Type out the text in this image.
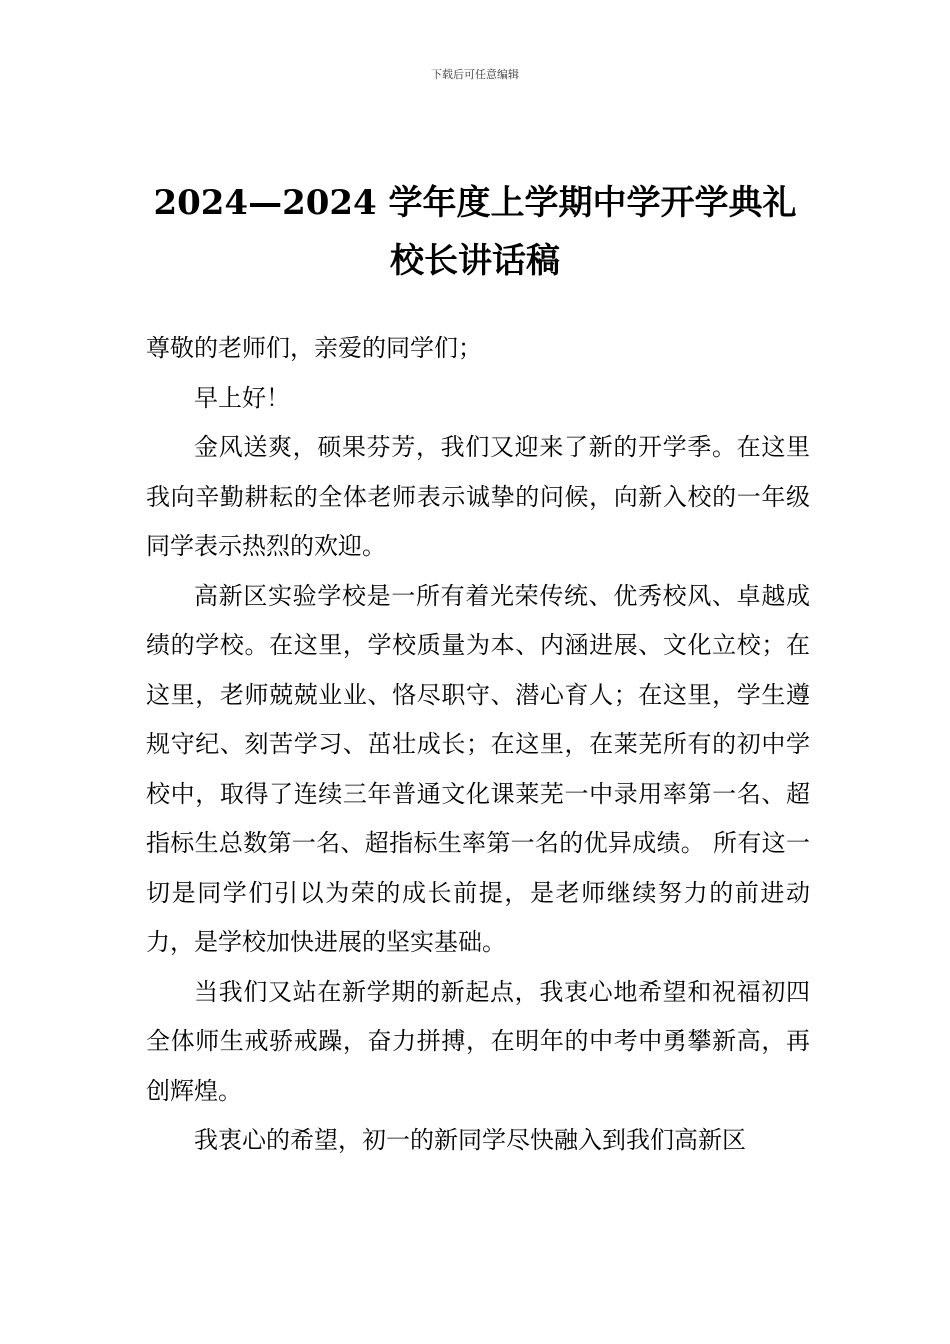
下载后可任意编辑
2024—2024 学年度上学期中学开学典礼
校长讲话稿

尊敬的老师们，亲爱的同学们；

早上好！

金风送爽，硕果芬芳，我们又迎来了新的开学季。在这里我向辛勤耕耘的全体老师表示诚挚的问候，向新入校的一年级同学表示热烈的欢迎。

高新区实验学校是一所有着光荣传统、优秀校风、卓越成绩的学校。在这里，学校质量为本、内涵进展、文化立校；在这里，老师兢兢业业、恪尽职守、潜心育人；在这里，学生遵规守纪、刻苦学习、茁壮成长；在这里，在莱芜所有的初中学校中，取得了连续三年普通文化课莱芜一中录用率第一名、超指标生总数第一名、超指标生率第一名的优异成绩。 所有这一切是同学们引以为荣的成长前提，是老师继续努力的前进动力，是学校加快进展的坚实基础。

当我们又站在新学期的新起点，我衷心地希望和祝福初四全体师生戒骄戒躁，奋力拼搏，在明年的中考中勇攀新高，再创辉煌。

我衷心的希望，初一的新同学尽快融入到我们高新区
